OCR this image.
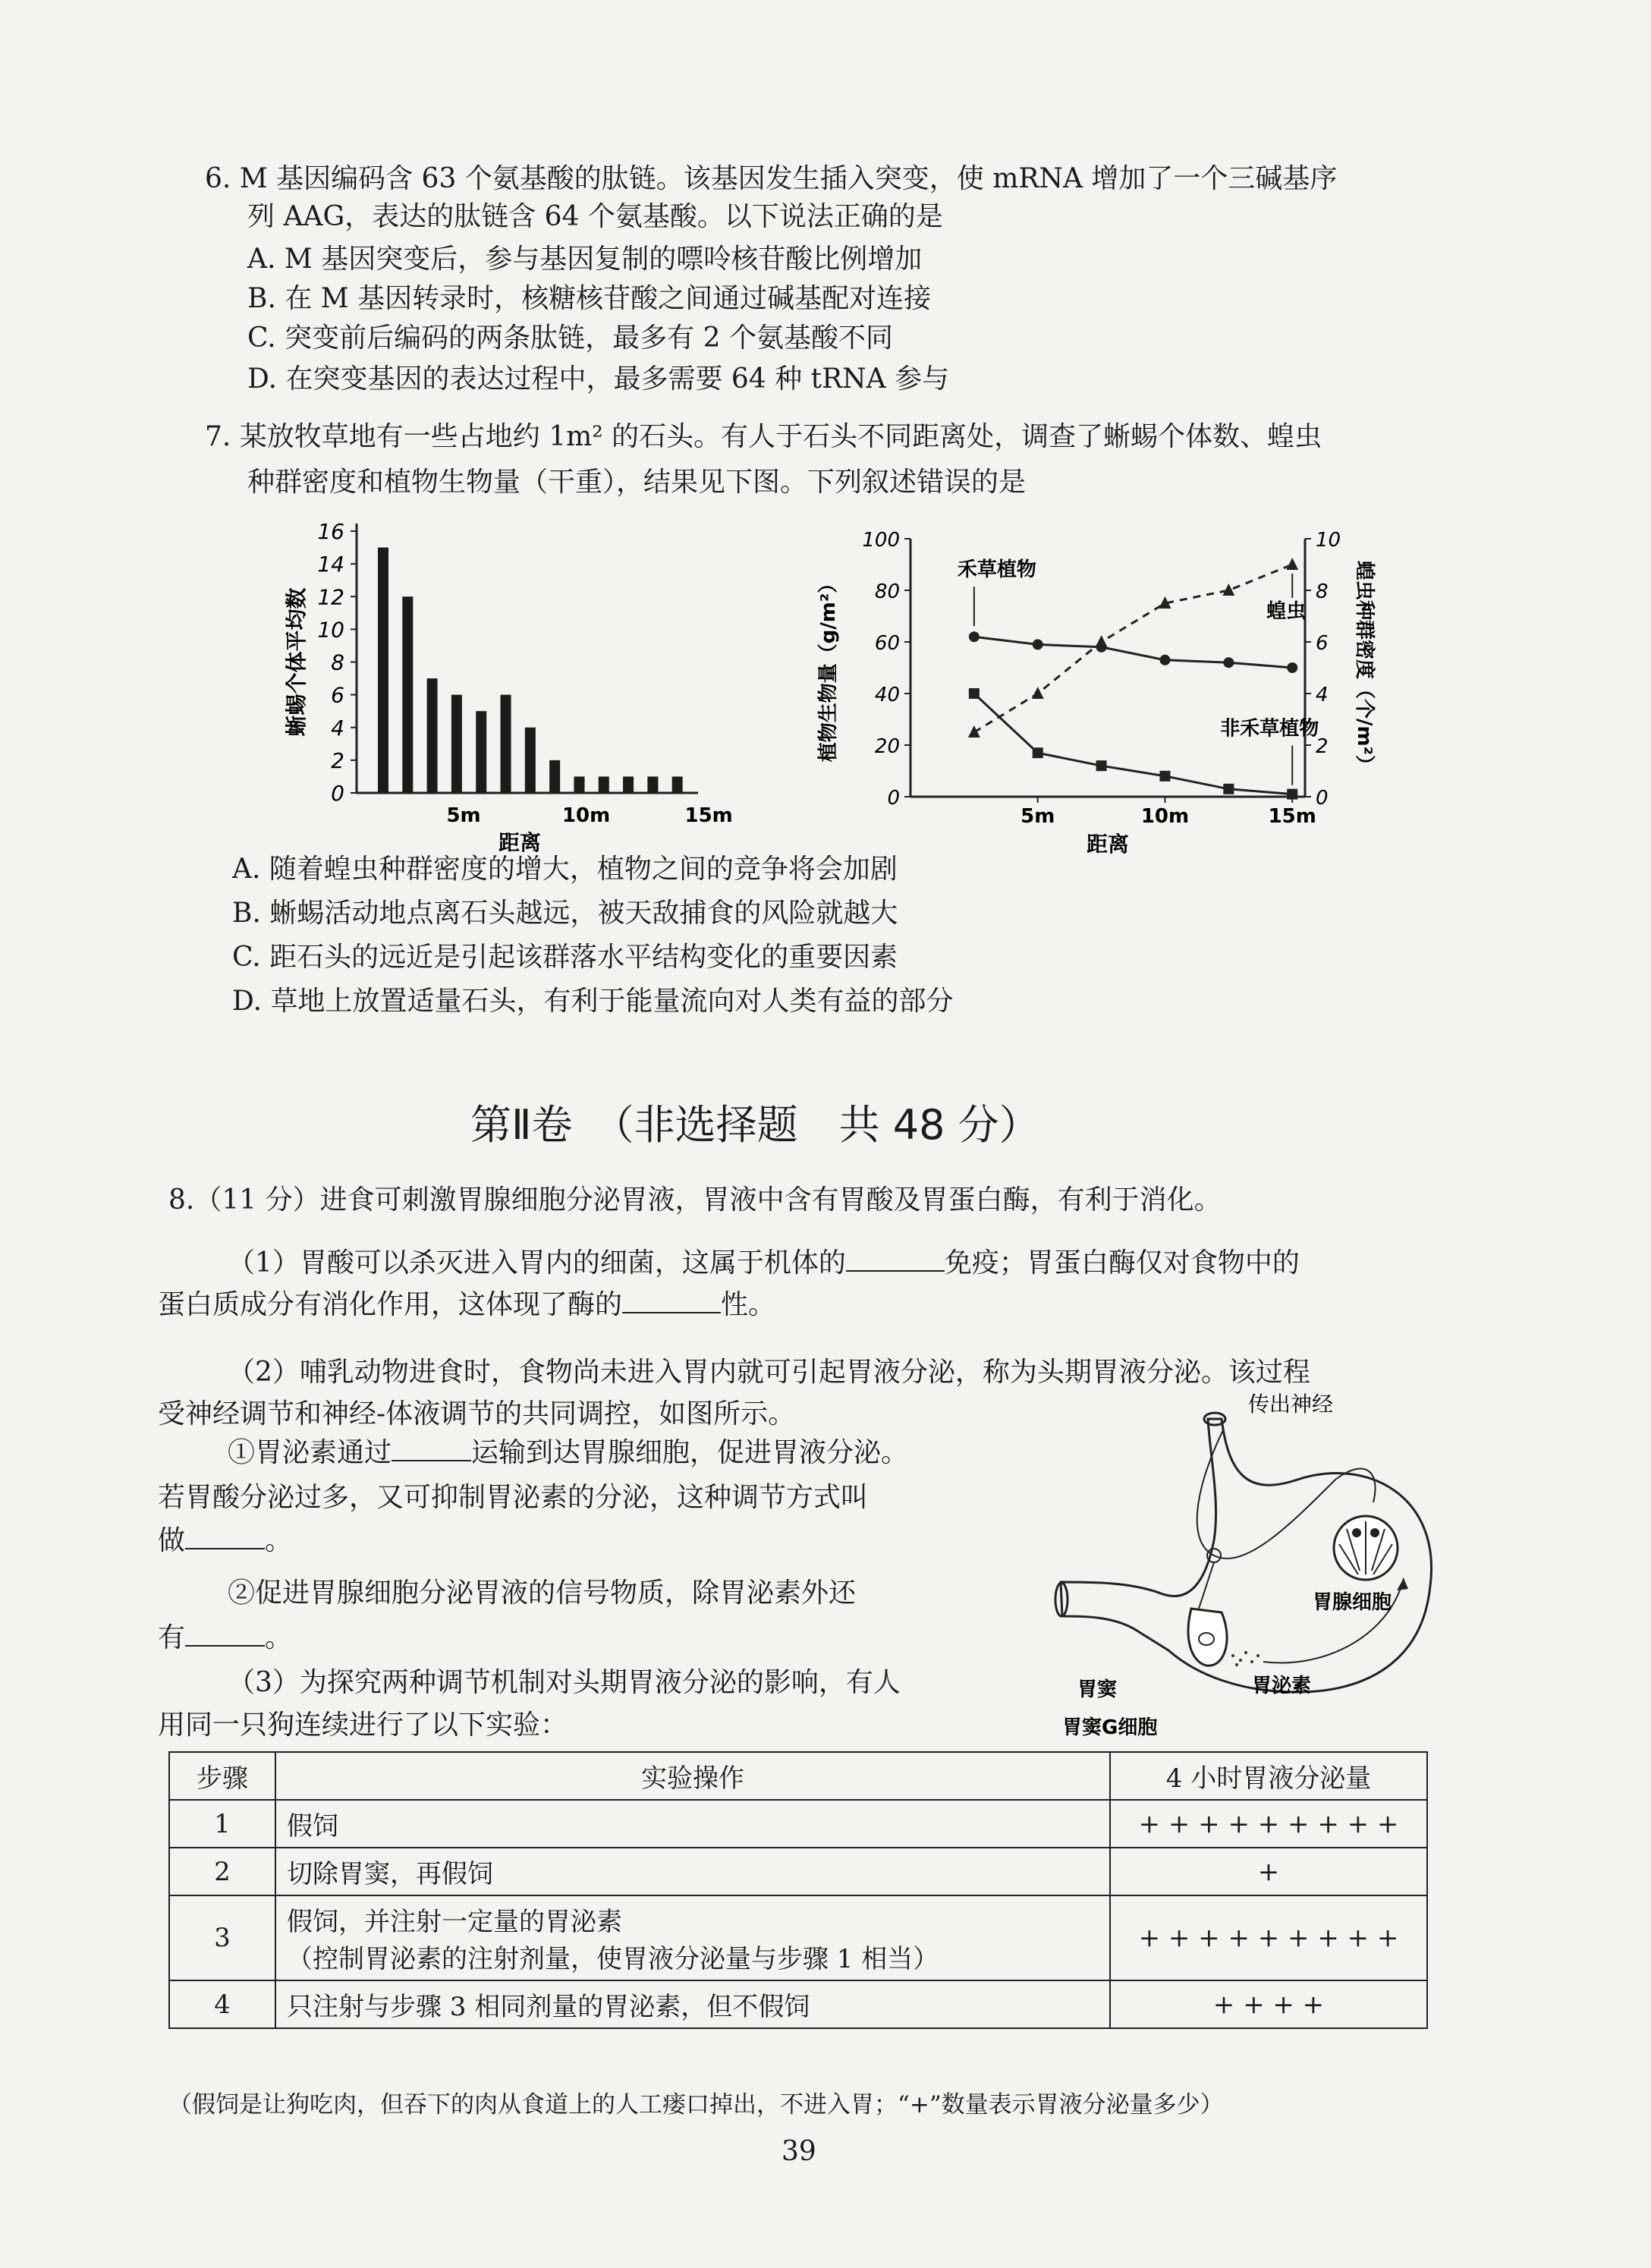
6. M 基因编码含 63 个氨基酸的肽链。该基因发生插入突变，使 mRNA 增加了一个三碱基序
列 AAG，表达的肽链含 64 个氨基酸。以下说法正确的是
A. M 基因突变后，参与基因复制的嘌呤核苷酸比例增加
B. 在 M 基因转录时，核糖核苷酸之间通过碱基配对连接
C. 突变前后编码的两条肽链，最多有 2 个氨基酸不同
D. 在突变基因的表达过程中，最多需要 64 种 tRNA 参与
7. 某放牧草地有一些占地约 1m² 的石头。有人于石头不同距离处，调查了蜥蜴个体数、蝗虫
种群密度和植物生物量（干重），结果见下图。下列叙述错误的是
0
2
4
6
8
10
12
14
16
5m	10m	15m
距离
蜥蜴个体平均数
0
20
40
60
80
100
0
2
4
6
8
10
5m	10m	15m
距离
植物生物量（g/m²）	蝗虫种群密度（个/m²）
禾草植物
非禾草植物
蝗虫
A. 随着蝗虫种群密度的增大，植物之间的竞争将会加剧
B. 蜥蜴活动地点离石头越远，被天敌捕食的风险就越大
C. 距石头的远近是引起该群落水平结构变化的重要因素
D. 草地上放置适量石头，有利于能量流向对人类有益的部分
第Ⅱ卷　（非选择题　共 48 分）
8.（11 分）进食可刺激胃腺细胞分泌胃液，胃液中含有胃酸及胃蛋白酶，有利于消化。
（1）胃酸可以杀灭进入胃内的细菌，这属于机体的	免疫；胃蛋白酶仅对食物中的
蛋白质成分有消化作用，这体现了酶的	性。
（2）哺乳动物进食时，食物尚未进入胃内就可引起胃液分泌，称为头期胃液分泌。该过程
受神经调节和神经-体液调节的共同调控，如图所示。
①胃泌素通过	运输到达胃腺细胞，促进胃液分泌。
若胃酸分泌过多，又可抑制胃泌素的分泌，这种调节方式叫
做	。
②促进胃腺细胞分泌胃液的信号物质，除胃泌素外还
有	。
（3）为探究两种调节机制对头期胃液分泌的影响，有人
用同一只狗连续进行了以下实验：
传出神经
胃腺细胞
胃窦	胃泌素
胃窦G细胞
步骤	实验操作	4 小时胃液分泌量
1	假饲	+ + + + + + + + +
2	切除胃窦，再假饲	+
3	假饲，并注射一定量的胃泌素
（控制胃泌素的注射剂量，使胃液分泌量与步骤 1 相当）	+ + + + + + + + +
4	只注射与步骤 3 相同剂量的胃泌素，但不假饲	+ + + +
（假饲是让狗吃肉，但吞下的肉从食道上的人工瘘口掉出，不进入胃；“+”数量表示胃液分泌量多少）
39
